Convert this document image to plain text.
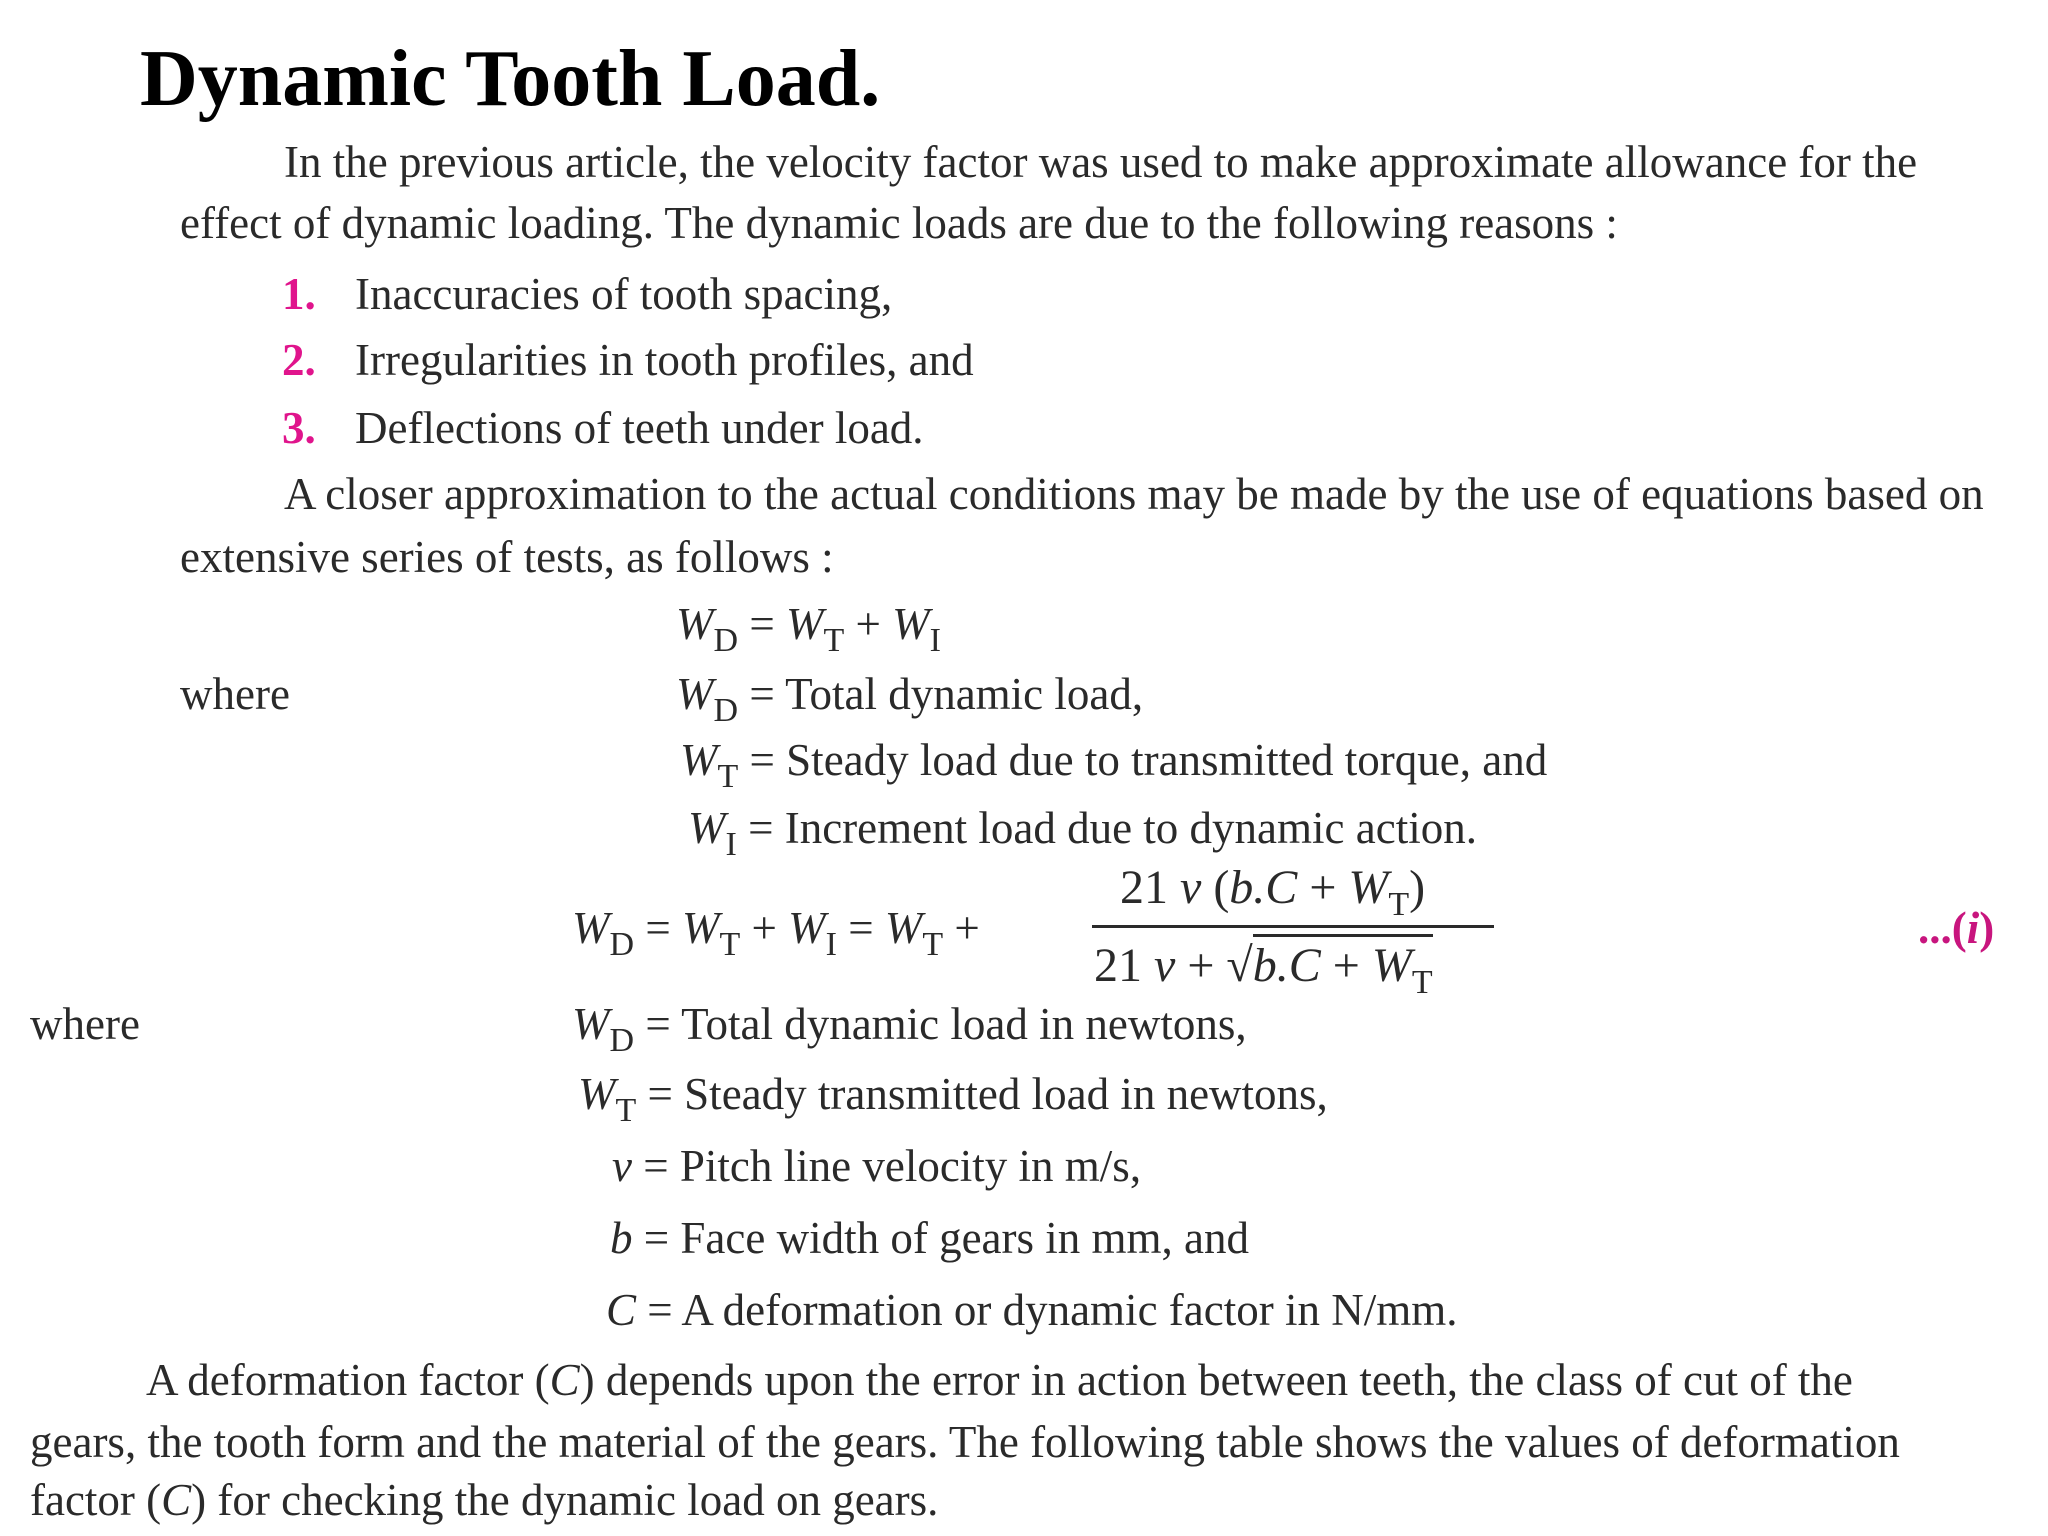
Dynamic Tooth Load.
In the previous article, the velocity factor was used to make approximate allowance for the
effect of dynamic loading. The dynamic loads are due to the following reasons :
1. Inaccuracies of tooth spacing,
2. Irregularities in tooth profiles, and
3. Deflections of teeth under load.
A closer approximation to the actual conditions may be made by the use of equations based on
extensive series of tests, as follows :
$W_D = W_T + W_I$
where	$W_D$ = Total dynamic load,
$W_T$ = Steady load due to transmitted torque, and
$W_I$ = Increment load due to dynamic action.
$W_D = W_T + W_I = W_T$ +
21 v $(b.C + W_T)$
21 $v + √b.C + W_T$
...(i)
where	$W_D$ = Total dynamic load in newtons,
$W_T$ = Steady transmitted load in newtons,
v = Pitch line velocity in m/s,
b = Face width of gears in mm, and
C = A deformation or dynamic factor in N/mm.
A deformation factor (C) depends upon the error in action between teeth, the class of cut of the
gears, the tooth form and the material of the gears. The following table shows the values of deformation
factor (C) for checking the dynamic load on gears.
